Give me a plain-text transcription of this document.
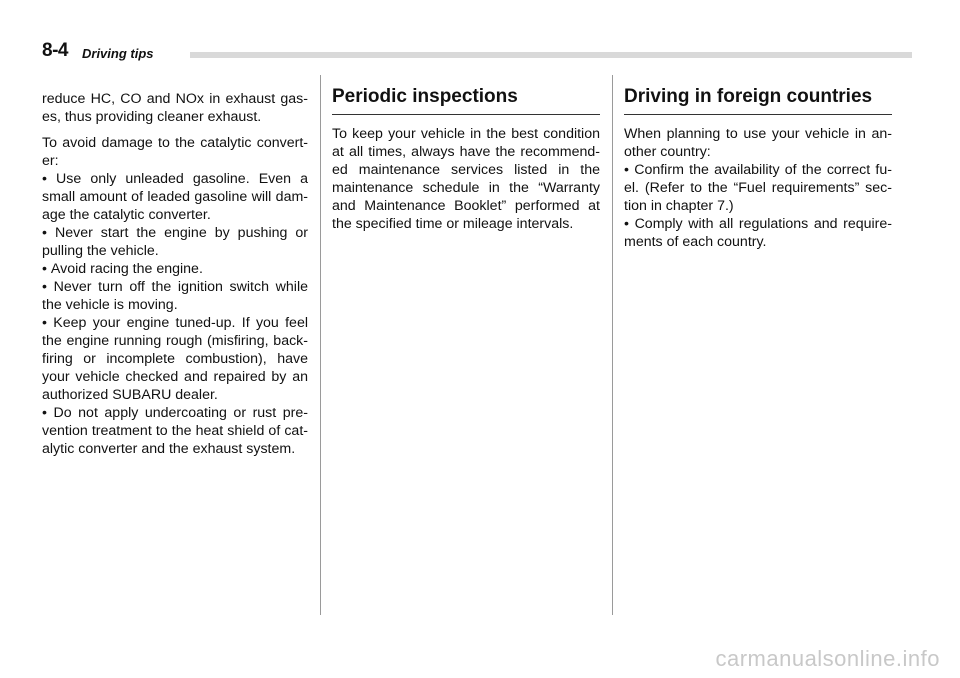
8-4 Driving tips

reduce HC, CO and NOx in exhaust gas-es, thus providing cleaner exhaust.

To avoid damage to the catalytic convert-er:

• Use only unleaded gasoline. Even a small amount of leaded gasoline will dam-age the catalytic converter.

• Never start the engine by pushing or pulling the vehicle.

• Avoid racing the engine.

• Never turn off the ignition switch while the vehicle is moving.

• Keep your engine tuned-up. If you feel the engine running rough (misfiring, back-firing or incomplete combustion), have your vehicle checked and repaired by an authorized SUBARU dealer.

• Do not apply undercoating or rust pre-vention treatment to the heat shield of cat-alytic converter and the exhaust system.

Periodic inspections

To keep your vehicle in the best condition at all times, always have the recommend-ed maintenance services listed in the maintenance schedule in the “Warranty and Maintenance Booklet” performed at the specified time or mileage intervals.

Driving in foreign countries

When planning to use your vehicle in an-other country:

• Confirm the availability of the correct fu-el. (Refer to the “Fuel requirements” sec-tion in chapter 7.)

• Comply with all regulations and require-ments of each country.

carmanualsonline.info
